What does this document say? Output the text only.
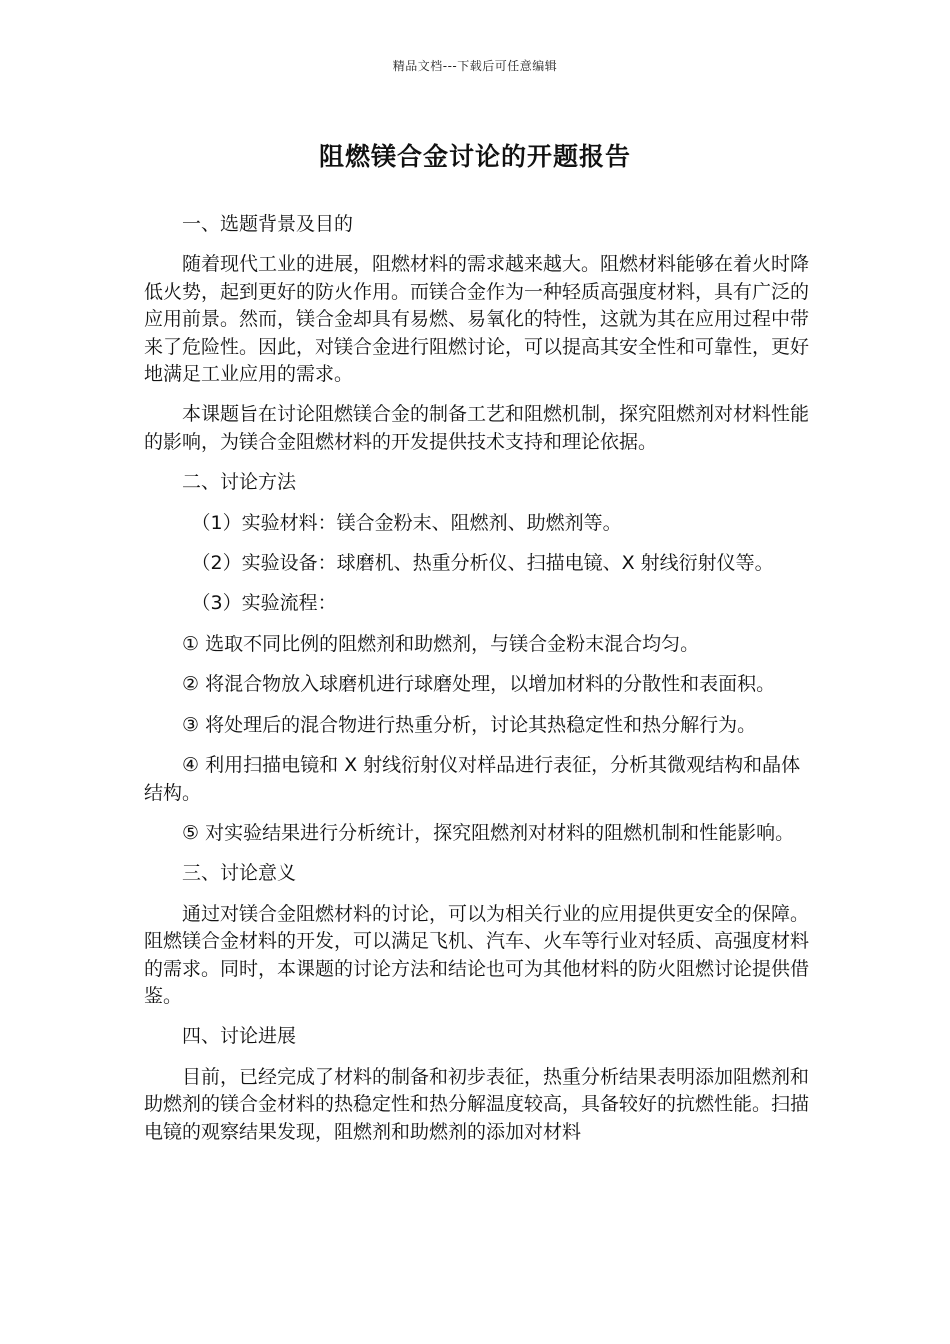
精品文档---下载后可任意编辑
阻燃镁合金讨论的开题报告

一、选题背景及目的

随着现代工业的进展，阻燃材料的需求越来越大。阻燃材料能够在着火时降低火势，起到更好的防火作用。而镁合金作为一种轻质高强度材料，具有广泛的应用前景。然而，镁合金却具有易燃、易氧化的特性，这就为其在应用过程中带来了危险性。因此，对镁合金进行阻燃讨论，可以提高其安全性和可靠性，更好地满足工业应用的需求。

本课题旨在讨论阻燃镁合金的制备工艺和阻燃机制，探究阻燃剂对材料性能的影响，为镁合金阻燃材料的开发提供技术支持和理论依据。

二、讨论方法

（1）实验材料：镁合金粉末、阻燃剂、助燃剂等。

（2）实验设备：球磨机、热重分析仪、扫描电镜、X 射线衍射仪等。

（3）实验流程：

① 选取不同比例的阻燃剂和助燃剂，与镁合金粉末混合均匀。

② 将混合物放入球磨机进行球磨处理，以增加材料的分散性和表面积。

③ 将处理后的混合物进行热重分析，讨论其热稳定性和热分解行为。

④ 利用扫描电镜和 X 射线衍射仪对样品进行表征，分析其微观结构和晶体结构。

⑤ 对实验结果进行分析统计，探究阻燃剂对材料的阻燃机制和性能影响。

三、讨论意义

通过对镁合金阻燃材料的讨论，可以为相关行业的应用提供更安全的保障。阻燃镁合金材料的开发，可以满足飞机、汽车、火车等行业对轻质、高强度材料的需求。同时，本课题的讨论方法和结论也可为其他材料的防火阻燃讨论提供借鉴。

四、讨论进展

目前，已经完成了材料的制备和初步表征，热重分析结果表明添加阻燃剂和助燃剂的镁合金材料的热稳定性和热分解温度较高，具备较好的抗燃性能。扫描电镜的观察结果发现，阻燃剂和助燃剂的添加对材料
